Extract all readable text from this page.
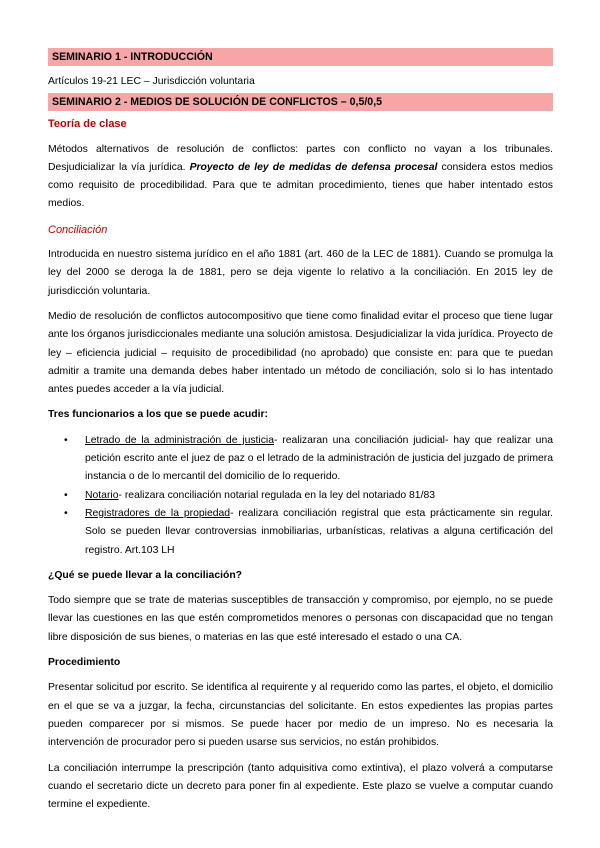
SEMINARIO 1 - INTRODUCCIÓN

Artículos 19-21 LEC – Jurisdicción voluntaria

SEMINARIO 2 - MEDIOS DE SOLUCIÓN DE CONFLICTOS – 0,5/0,5

Teoría de clase

Métodos alternativos de resolución de conflictos: partes con conflicto no vayan a los tribunales. Desjudicializar la vía jurídica. Proyecto de ley de medidas de defensa procesal considera estos medios como requisito de procedibilidad. Para que te admitan procedimiento, tienes que haber intentado estos medios.

Conciliación

Introducida en nuestro sistema jurídico en el año 1881 (art. 460 de la LEC de 1881). Cuando se promulga la ley del 2000 se deroga la de 1881, pero se deja vigente lo relativo a la conciliación. En 2015 ley de jurisdicción voluntaria.

Medio de resolución de conflictos autocompositivo que tiene como finalidad evitar el proceso que tiene lugar ante los órganos jurisdiccionales mediante una solución amistosa. Desjudicializar la vida jurídica. Proyecto de ley – eficiencia judicial – requisito de procedibilidad (no aprobado) que consiste en: para que te puedan admitir a tramite una demanda debes haber intentado un método de conciliación, solo si lo has intentado antes puedes acceder a la vía judicial.

Tres funcionarios a los que se puede acudir:

• Letrado de la administración de justicia- realizaran una conciliación judicial- hay que realizar una petición escrito ante el juez de paz o el letrado de la administración de justicia del juzgado de primera instancia o de lo mercantil del domicilio de lo requerido.
• Notario- realizara conciliación notarial regulada en la ley del notariado 81/83
• Registradores de la propiedad- realizara conciliación registral que esta prácticamente sin regular. Solo se pueden llevar controversias inmobiliarias, urbanísticas, relativas a alguna certificación del registro. Art.103 LH

¿Qué se puede llevar a la conciliación?

Todo siempre que se trate de materias susceptibles de transacción y compromiso, por ejemplo, no se puede llevar las cuestiones en las que estén comprometidos menores o personas con discapacidad que no tengan libre disposición de sus bienes, o materias en las que esté interesado el estado o una CA.

Procedimiento

Presentar solicitud por escrito. Se identifica al requirente y al requerido como las partes, el objeto, el domicilio en el que se va a juzgar, la fecha, circunstancias del solicitante. En estos expedientes las propias partes pueden comparecer por si mismos. Se puede hacer por medio de un impreso. No es necesaria la intervención de procurador pero si pueden usarse sus servicios, no están prohibidos.

La conciliación interrumpe la prescripción (tanto adquisitiva como extintiva), el plazo volverá a computarse cuando el secretario dicte un decreto para poner fin al expediente. Este plazo se vuelve a computar cuando termine el expediente.
